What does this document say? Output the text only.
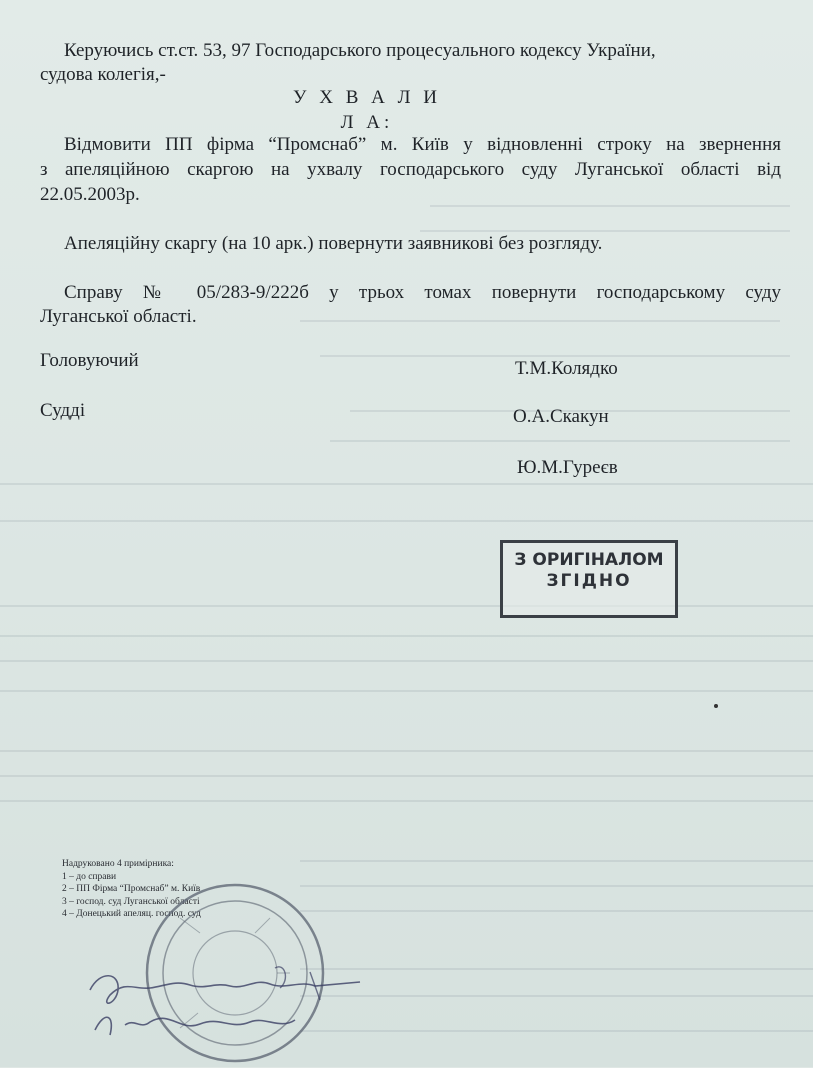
Керуючись ст.ст. 53, 97 Господарського процесуального кодексу України,

судова колегія,-

У Х В А Л И Л А:

Відмовити ПП фірма “Промснаб” м. Київ у відновленні строку на звернення

з апеляційною скаргою на ухвалу господарського суду Луганської області від

22.05.2003р.

Апеляційну скаргу (на 10 арк.) повернути заявникові без розгляду.

Справу № 05/283-9/222б у трьох томах повернути господарському суду

Луганської області.

Головуючий	Т.М.Колядко
Судді	О.А.Скакун
Ю.М.Гуреєв
З ОРИГІНАЛОМ
ЗГІДНО
Надруковано 4 примірника:
1 – до справи
2 – ПП Фірма “Промснаб” м. Київ
3 – господ. суд Луганської області
4 – Донецький апеляц. господ. суд
